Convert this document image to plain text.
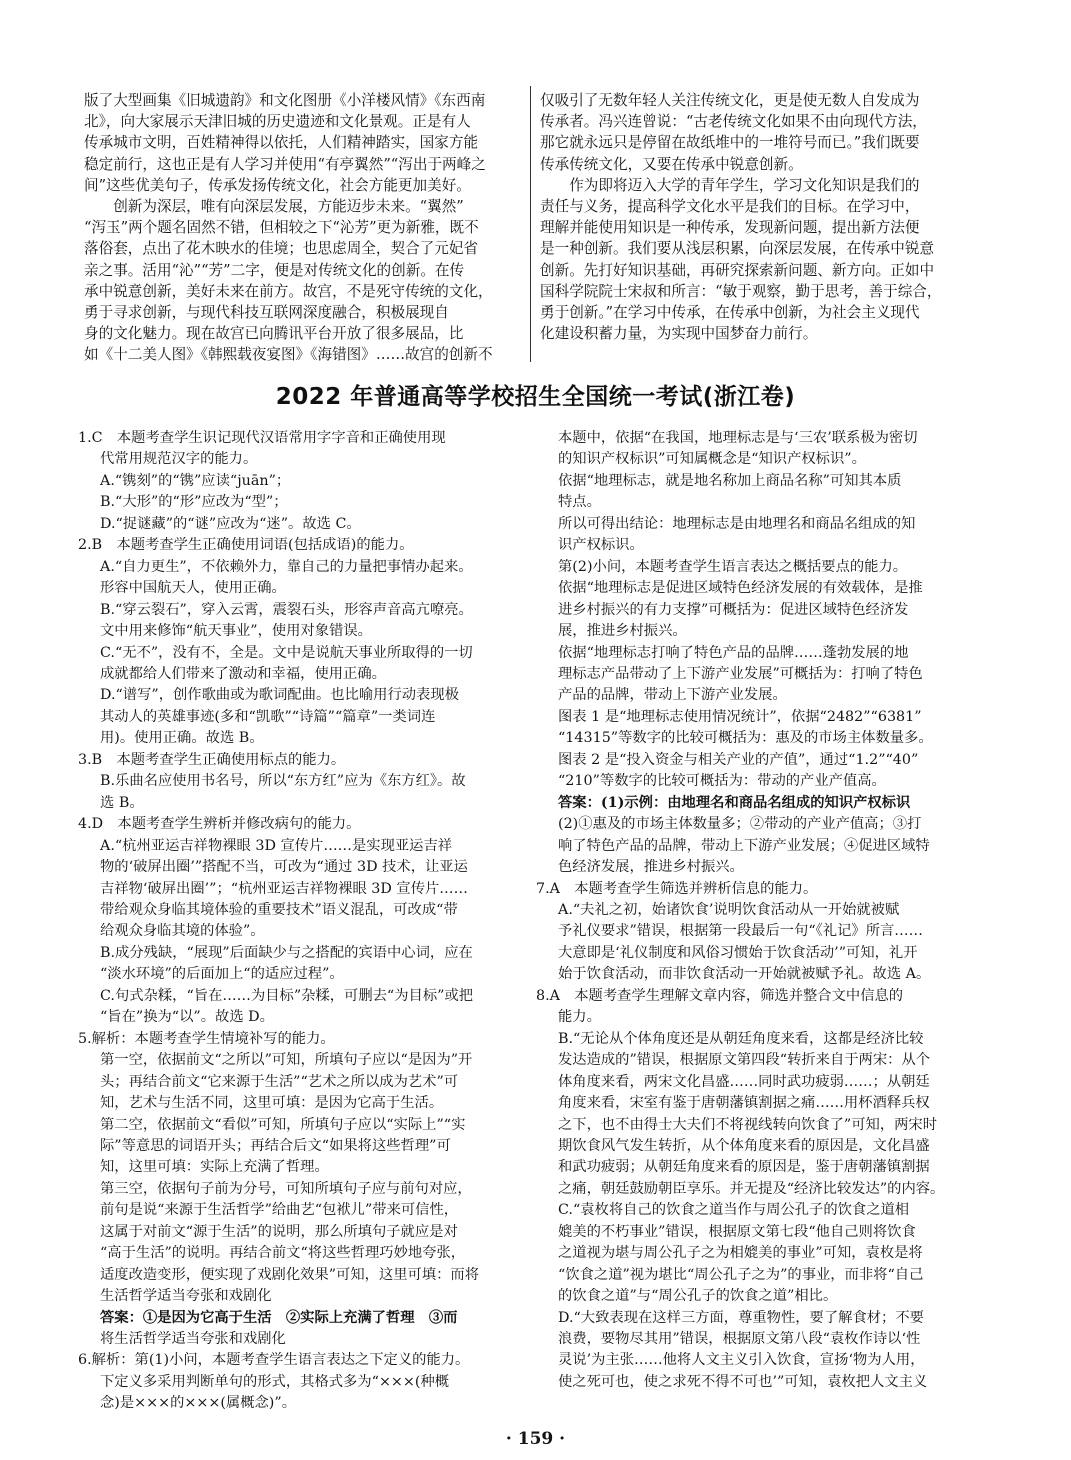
版了大型画集《旧城遗韵》和文化图册《小洋楼风情》《东西南

北》，向大家展示天津旧城的历史遗迹和文化景观。正是有人

传承城市文明，百姓精神得以依托，人们精神踏实，国家方能

稳定前行，这也正是有人学习并使用“有亭翼然”“泻出于两峰之

间”这些优美句子，传承发扬传统文化，社会方能更加美好。

创新为深层，唯有向深层发展，方能迈步未来。“翼然”

“泻玉”两个题名固然不错，但相较之下“沁芳”更为新雅，既不

落俗套，点出了花木映水的佳境；也思虑周全，契合了元妃省

亲之事。活用“沁”“芳”二字，便是对传统文化的创新。在传

承中锐意创新，美好未来在前方。故宫，不是死守传统的文化，

勇于寻求创新，与现代科技互联网深度融合，积极展现自

身的文化魅力。现在故宫已向腾讯平台开放了很多展品，比

如《十二美人图》《韩熙载夜宴图》《海错图》……故宫的创新不

仅吸引了无数年轻人关注传统文化，更是使无数人自发成为

传承者。冯兴连曾说：“古老传统文化如果不由向现代方法，

那它就永远只是停留在故纸堆中的一堆符号而已。”我们既要

传承传统文化，又要在传承中锐意创新。

作为即将迈入大学的青年学生，学习文化知识是我们的

责任与义务，提高科学文化水平是我们的目标。在学习中，

理解并能使用知识是一种传承，发现新问题，提出新方法便

是一种创新。我们要从浅层积累，向深层发展，在传承中锐意

创新。先打好知识基础，再研究探索新问题、新方向。正如中

国科学院院士宋叔和所言：“敏于观察，勤于思考，善于综合，

勇于创新。”在学习中传承，在传承中创新，为社会主义现代

化建设积蓄力量，为实现中国梦奋力前行。

2022 年普通高等学校招生全国统一考试(浙江卷)

1.C　本题考查学生识记现代汉语常用字字音和正确使用现

代常用规范汉字的能力。

A.“镌刻”的“镌”应读“juān”；

B.“大形”的“形”应改为“型”；

D.“捉谜藏”的“谜”应改为“迷”。故选 C。

2.B　本题考查学生正确使用词语(包括成语)的能力。

A.“自力更生”，不依赖外力，靠自己的力量把事情办起来。

形容中国航天人，使用正确。

B.“穿云裂石”，穿入云霄，震裂石头，形容声音高亢嘹亮。

文中用来修饰“航天事业”，使用对象错误。

C.“无不”，没有不，全是。文中是说航天事业所取得的一切

成就都给人们带来了激动和幸福，使用正确。

D.“谱写”，创作歌曲或为歌词配曲。也比喻用行动表现极

其动人的英雄事迹(多和“凯歌”“诗篇”“篇章”一类词连

用)。使用正确。故选 B。

3.B　本题考查学生正确使用标点的能力。

B.乐曲名应使用书名号，所以“东方红”应为《东方红》。故

选 B。

4.D　本题考查学生辨析并修改病句的能力。

A.“杭州亚运吉祥物裸眼 3D 宣传片……是实现亚运吉祥

物的‘破屏出圈’”搭配不当，可改为“通过 3D 技术，让亚运

吉祥物‘破屏出圈’”；“杭州亚运吉祥物裸眼 3D 宣传片……

带给观众身临其境体验的重要技术”语义混乱，可改成“带

给观众身临其境的体验”。

B.成分残缺，“展现”后面缺少与之搭配的宾语中心词，应在

“淡水环境”的后面加上“的适应过程”。

C.句式杂糅，“旨在……为目标”杂糅，可删去“为目标”或把

“旨在”换为“以”。故选 D。

5.解析：本题考查学生情境补写的能力。

第一空，依据前文“之所以”可知，所填句子应以“是因为”开

头；再结合前文“它来源于生活”“艺术之所以成为艺术”可

知，艺术与生活不同，这里可填：是因为它高于生活。

第二空，依据前文“看似”可知，所填句子应以“实际上”“实

际”等意思的词语开头；再结合后文“如果将这些哲理”可

知，这里可填：实际上充满了哲理。

第三空，依据句子前为分号，可知所填句子应与前句对应，

前句是说“来源于生活哲学”给曲艺“包袱儿”带来可信性，

这属于对前文“源于生活”的说明，那么所填句子就应是对

“高于生活”的说明。再结合前文“将这些哲理巧妙地夸张，

适度改造变形，便实现了戏剧化效果”可知，这里可填：而将

生活哲学适当夸张和戏剧化

答案：①是因为它高于生活　②实际上充满了哲理　③而

将生活哲学适当夸张和戏剧化

6.解析：第(1)小问，本题考查学生语言表达之下定义的能力。

下定义多采用判断单句的形式，其格式多为“×××(种概

念)是×××的×××(属概念)”。

本题中，依据“在我国，地理标志是与‘三农’联系极为密切

的知识产权标识”可知属概念是“知识产权标识”。

依据“地理标志，就是地名称加上商品名称”可知其本质

特点。

所以可得出结论：地理标志是由地理名和商品名组成的知

识产权标识。

第(2)小问，本题考查学生语言表达之概括要点的能力。

依据“地理标志是促进区域特色经济发展的有效载体，是推

进乡村振兴的有力支撑”可概括为：促进区域特色经济发

展，推进乡村振兴。

依据“地理标志打响了特色产品的品牌……蓬勃发展的地

理标志产品带动了上下游产业发展”可概括为：打响了特色

产品的品牌，带动上下游产业发展。

图表 1 是“地理标志使用情况统计”，依据“2482”“6381”

“14315”等数字的比较可概括为：惠及的市场主体数量多。

图表 2 是“投入资金与相关产业的产值”，通过“1.2”“40”

“210”等数字的比较可概括为：带动的产业产值高。

答案：(1)示例：由地理名和商品名组成的知识产权标识

(2)①惠及的市场主体数量多；②带动的产业产值高；③打

响了特色产品的品牌，带动上下游产业发展；④促进区域特

色经济发展，推进乡村振兴。

7.A　本题考查学生筛选并辨析信息的能力。

A.“夫礼之初，始诸饮食’说明饮食活动从一开始就被赋

予礼仪要求”错误，根据第一段最后一句“《礼记》所言……

大意即是‘礼仪制度和风俗习惯始于饮食活动’”可知，礼开

始于饮食活动，而非饮食活动一开始就被赋予礼。故选 A。

8.A　本题考查学生理解文章内容，筛选并整合文中信息的

能力。

B.“无论从个体角度还是从朝廷角度来看，这都是经济比较

发达造成的”错误，根据原文第四段“转折来自于两宋：从个

体角度来看，两宋文化昌盛……同时武功疲弱……；从朝廷

角度来看，宋室有鉴于唐朝藩镇割据之痛……用杯酒释兵权

之下，也不由得士大夫们不将视线转向饮食了”可知，两宋时

期饮食风气发生转折，从个体角度来看的原因是，文化昌盛

和武功疲弱；从朝廷角度来看的原因是，鉴于唐朝藩镇割据

之痛，朝廷鼓励朝臣享乐。并无提及“经济比较发达”的内容。

C.“袁枚将自己的饮食之道当作与周公孔子的饮食之道相

媲美的不朽事业”错误，根据原文第七段“他自己则将饮食

之道视为堪与周公孔子之为相媲美的事业”可知，袁枚是将

“饮食之道”视为堪比“周公孔子之为”的事业，而非将“自己

的饮食之道”与“周公孔子的饮食之道”相比。

D.“大致表现在这样三方面，尊重物性，要了解食材；不要

浪费，要物尽其用”错误，根据原文第八段“袁枚作诗以‘性

灵说’为主张……他将人文主义引入饮食，宣扬‘物为人用，

使之死可也，使之求死不得不可也’”可知，袁枚把人文主义

· 159 ·
